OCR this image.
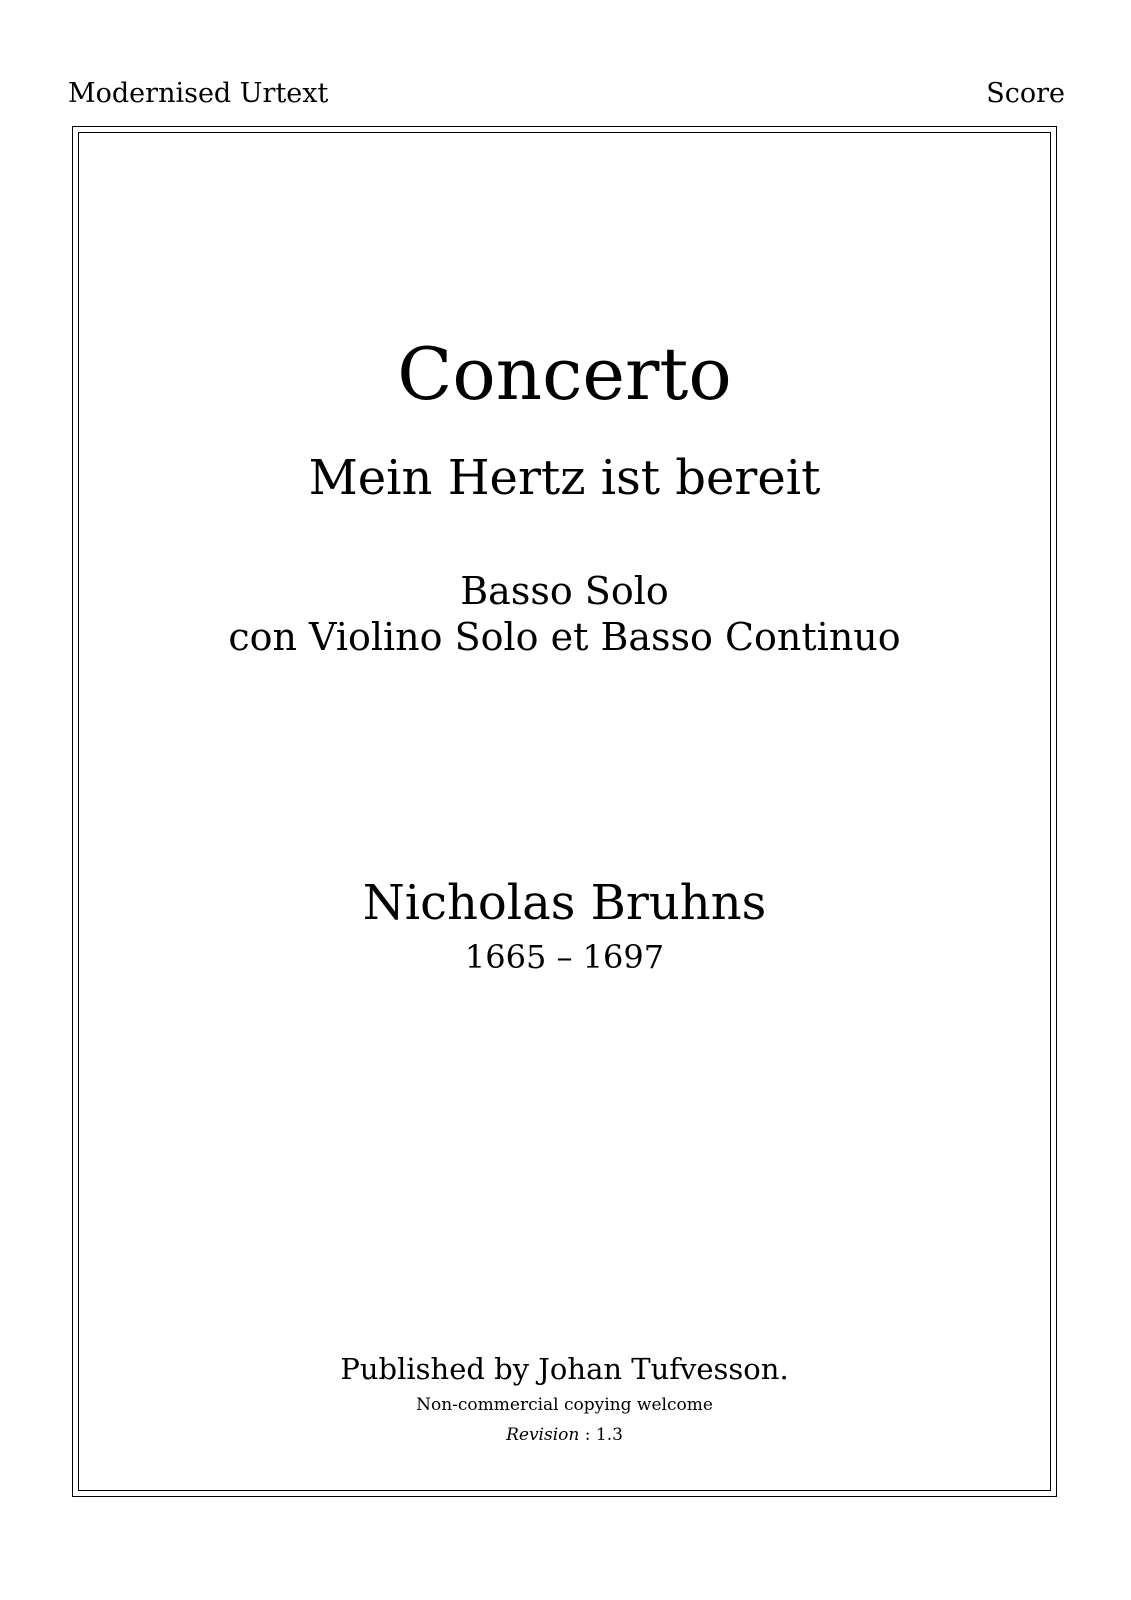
Modernised Urtext	Score
Concerto
Mein Hertz ist bereit
Basso Solo
con Violino Solo et Basso Continuo
Nicholas Bruhns
1665 – 1697
Published by Johan Tufvesson.
Non-commercial copying welcome
Revision : 1.3
